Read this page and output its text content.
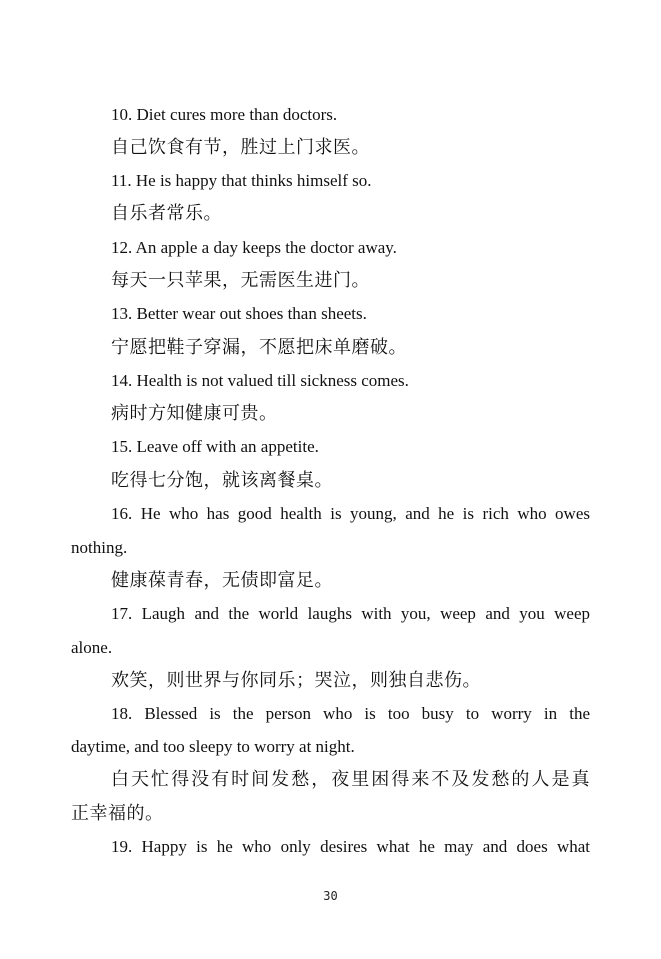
10. Diet cures more than doctors.

自己饮食有节，胜过上门求医。

11. He is happy that thinks himself so.

自乐者常乐。

12. An apple a day keeps the doctor away.

每天一只苹果，无需医生进门。

13. Better wear out shoes than sheets.

宁愿把鞋子穿漏，不愿把床单磨破。

14. Health is not valued till sickness comes.

病时方知健康可贵。

15. Leave off with an appetite.

吃得七分饱，就该离餐桌。

16. He who has good health is young, and he is rich who owes

nothing.

健康葆青春，无债即富足。

17. Laugh and the world laughs with you, weep and you weep

alone.

欢笑，则世界与你同乐；哭泣，则独自悲伤。

18. Blessed is the person who is too busy to worry in the

daytime, and too sleepy to worry at night.

白天忙得没有时间发愁，夜里困得来不及发愁的人是真

正幸福的。

19. Happy is he who only desires what he may and does what

30
